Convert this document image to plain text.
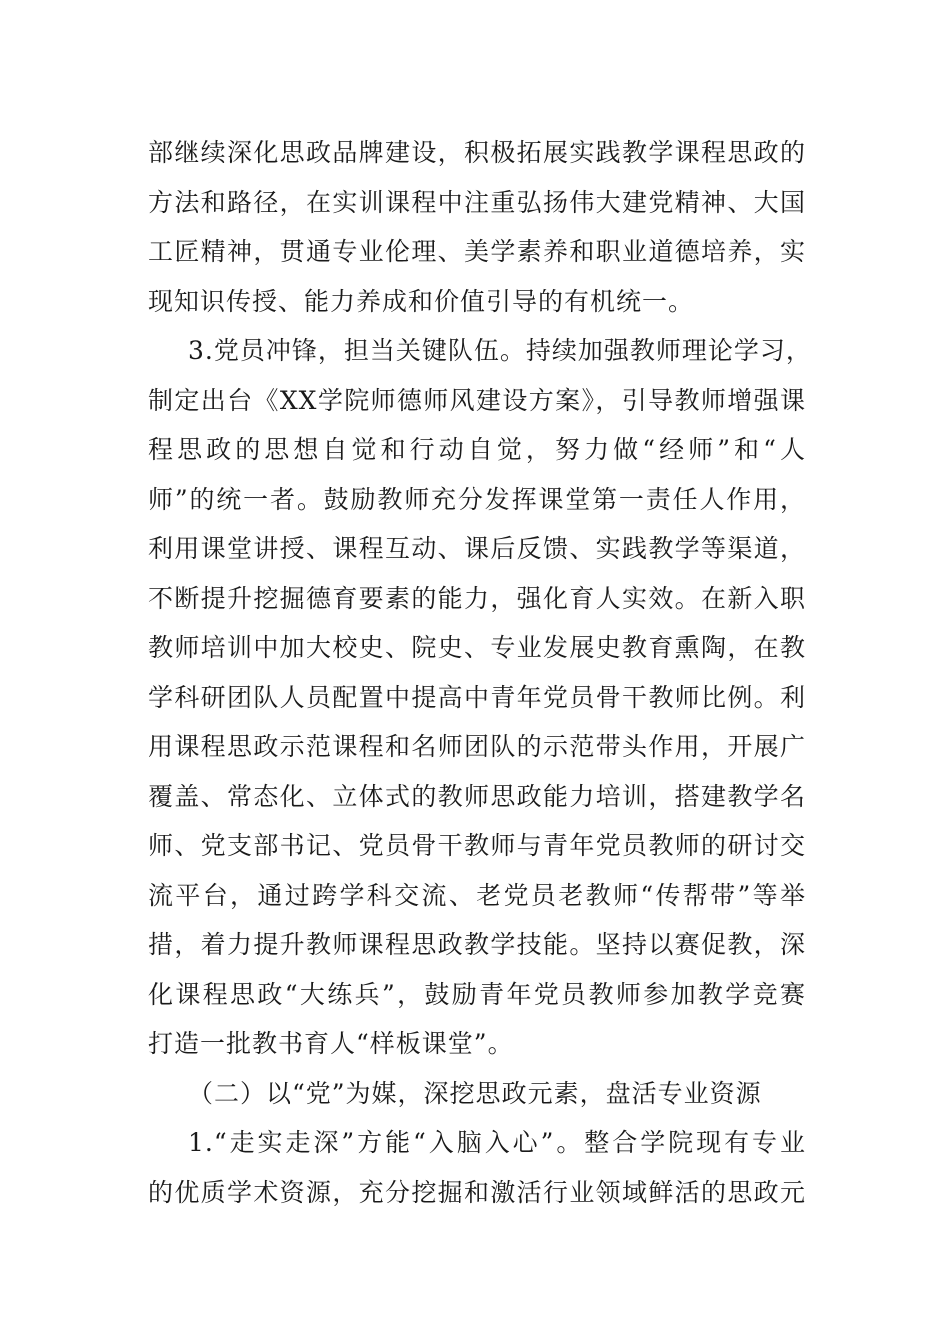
部继续深化思政品牌建设，积极拓展实践教学课程思政的
方法和路径，在实训课程中注重弘扬伟大建党精神、大国
工匠精神，贯通专业伦理、美学素养和职业道德培养，实
现知识传授、能力养成和价值引导的有机统一。
3.党员冲锋，担当关键队伍。持续加强教师理论学习，
制定出台《XX学院师德师风建设方案》，引导教师增强课
程思政的思想自觉和行动自觉，努力做“经师”和“人
师”的统一者。鼓励教师充分发挥课堂第一责任人作用，
利用课堂讲授、课程互动、课后反馈、实践教学等渠道，
不断提升挖掘德育要素的能力，强化育人实效。在新入职
教师培训中加大校史、院史、专业发展史教育熏陶，在教
学科研团队人员配置中提高中青年党员骨干教师比例。利
用课程思政示范课程和名师团队的示范带头作用，开展广
覆盖、常态化、立体式的教师思政能力培训，搭建教学名
师、党支部书记、党员骨干教师与青年党员教师的研讨交
流平台，通过跨学科交流、老党员老教师“传帮带”等举
措，着力提升教师课程思政教学技能。坚持以赛促教，深
化课程思政“大练兵”，鼓励青年党员教师参加教学竞赛
打造一批教书育人“样板课堂”。
（二）以“党”为媒，深挖思政元素，盘活专业资源
1.“走实走深”方能“入脑入心”。整合学院现有专业
的优质学术资源，充分挖掘和激活行业领域鲜活的思政元
